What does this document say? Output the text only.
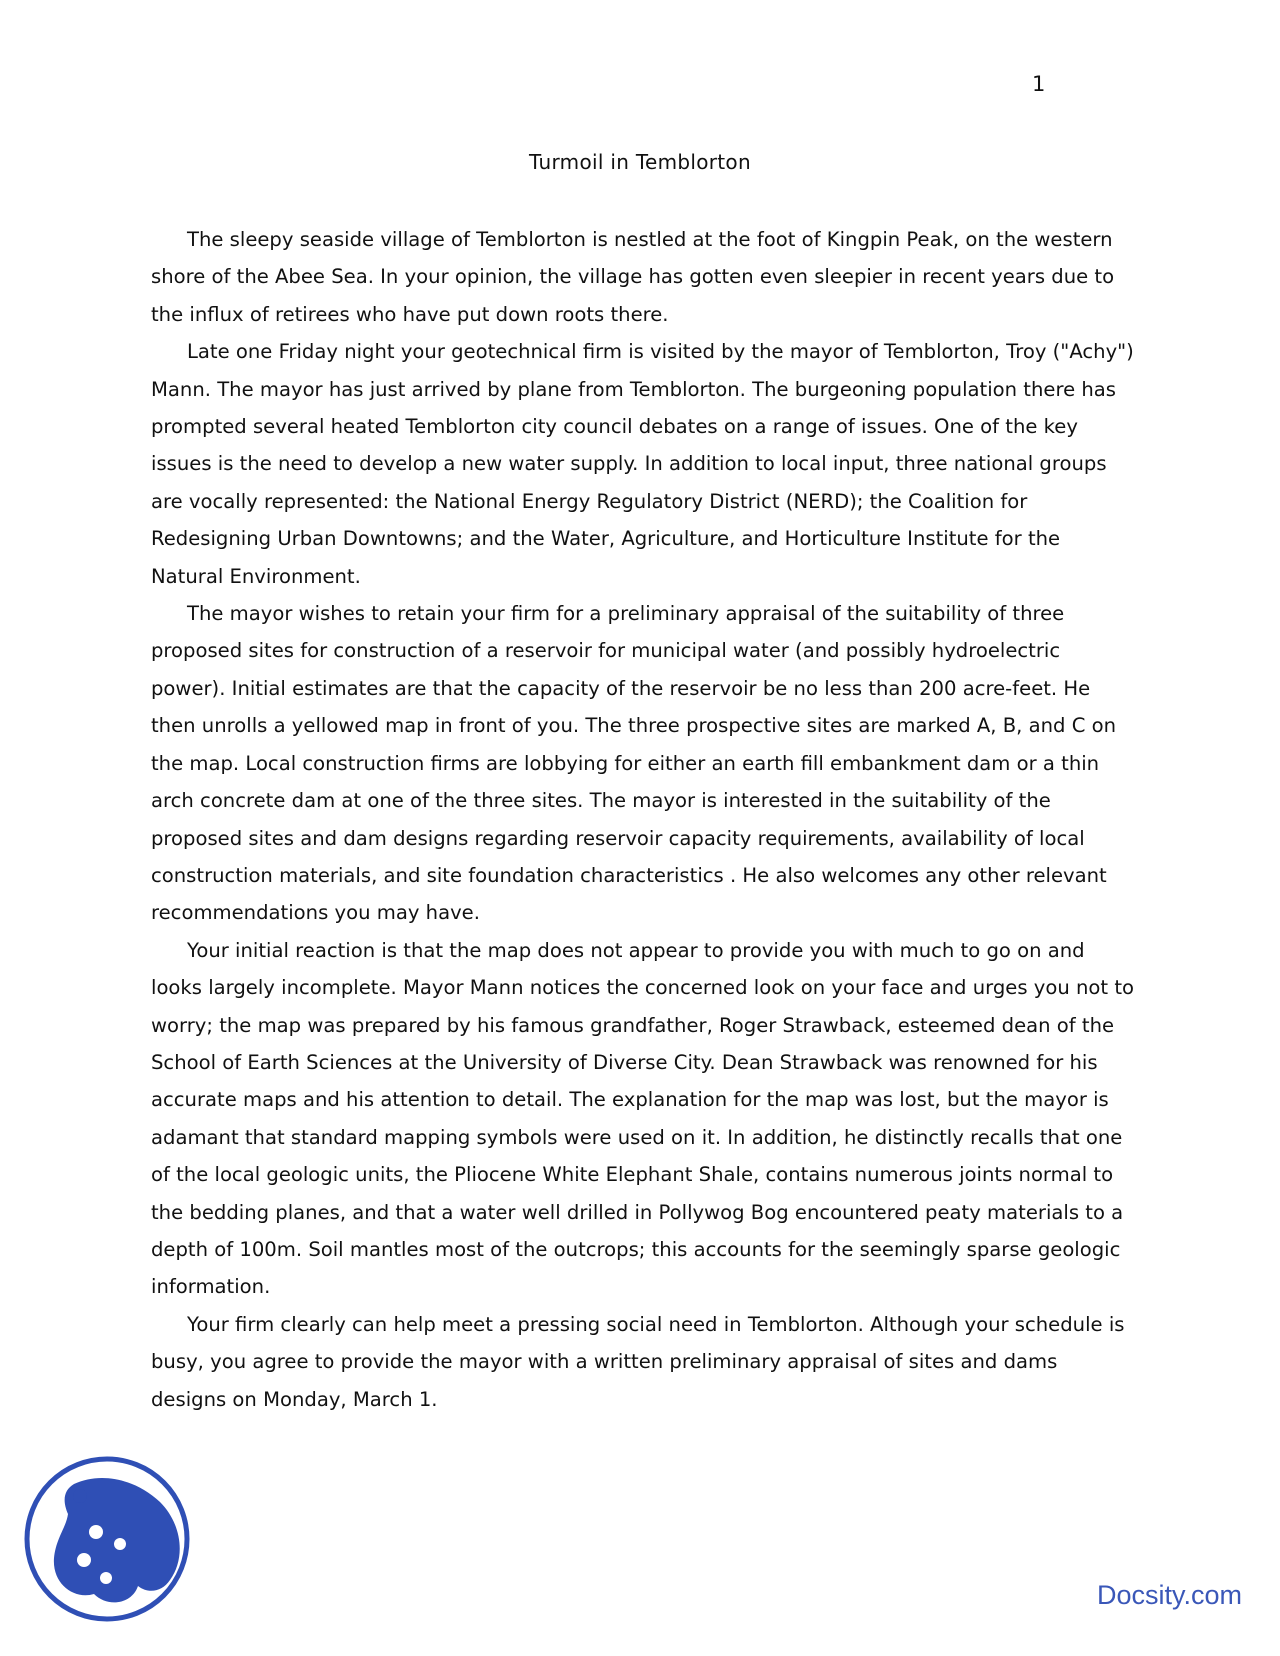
1
Turmoil in Temblorton

The sleepy seaside village of Temblorton is nestled at the foot of Kingpin Peak, on the western shore of the Abee Sea. In your opinion, the village has gotten even sleepier in recent years due to the influx of retirees who have put down roots there.

Late one Friday night your geotechnical firm is visited by the mayor of Temblorton, Troy ("Achy") Mann. The mayor has just arrived by plane from Temblorton. The burgeoning population there has prompted several heated Temblorton city council debates on a range of issues. One of the key issues is the need to develop a new water supply. In addition to local input, three national groups are vocally represented: the National Energy Regulatory District (NERD); the Coalition for Redesigning Urban Downtowns; and the Water, Agriculture, and Horticulture Institute for the Natural Environment.

The mayor wishes to retain your firm for a preliminary appraisal of the suitability of three proposed sites for construction of a reservoir for municipal water (and possibly hydroelectric power). Initial estimates are that the capacity of the reservoir be no less than 200 acre-feet. He then unrolls a yellowed map in front of you. The three prospective sites are marked A, B, and C on the map. Local construction firms are lobbying for either an earth fill embankment dam or a thin arch concrete dam at one of the three sites. The mayor is interested in the suitability of the proposed sites and dam designs regarding reservoir capacity requirements, availability of local construction materials, and site foundation characteristics . He also welcomes any other relevant recommendations you may have.

Your initial reaction is that the map does not appear to provide you with much to go on and looks largely incomplete. Mayor Mann notices the concerned look on your face and urges you not to worry; the map was prepared by his famous grandfather, Roger Strawback, esteemed dean of the School of Earth Sciences at the University of Diverse City. Dean Strawback was renowned for his accurate maps and his attention to detail. The explanation for the map was lost, but the mayor is adamant that standard mapping symbols were used on it. In addition, he distinctly recalls that one of the local geologic units, the Pliocene White Elephant Shale, contains numerous joints normal to the bedding planes, and that a water well drilled in Pollywog Bog encountered peaty materials to a depth of 100m. Soil mantles most of the outcrops; this accounts for the seemingly sparse geologic information.

Your firm clearly can help meet a pressing social need in Temblorton. Although your schedule is busy, you agree to provide the mayor with a written preliminary appraisal of sites and dams designs on Monday, March 1.

Docsity.com
